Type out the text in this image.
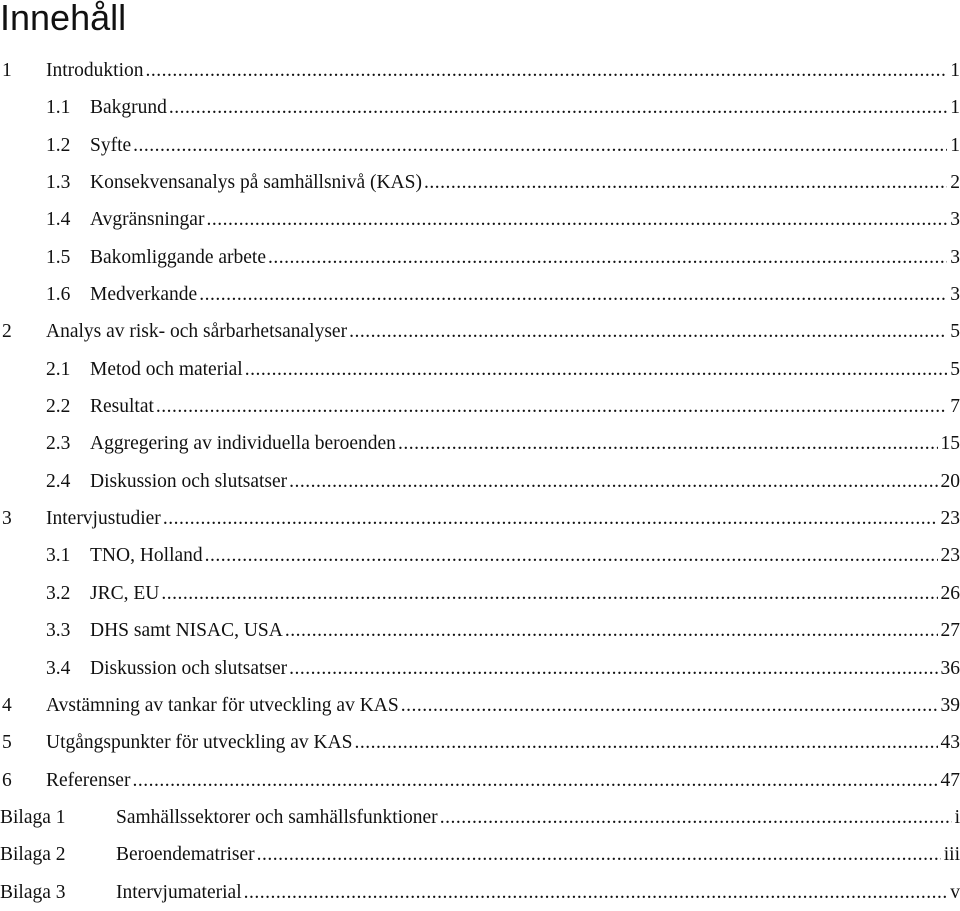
Innehåll
1 Introduktion .....	1
1.1 Bakgrund .....	1
1.2 Syfte .....	1
1.3 Konsekvensanalys på samhällsnivå (KAS) .....	2
1.4 Avgränsningar .....	3
1.5 Bakomliggande arbete .....	3
1.6 Medverkande .....	3
2 Analys av risk- och sårbarhetsanalyser .....	5
2.1 Metod och material .....	5
2.2 Resultat .....	7
2.3 Aggregering av individuella beroenden .....	15
2.4 Diskussion och slutsatser .....	20
3 Intervjustudier .....	23
3.1 TNO, Holland .....	23
3.2 JRC, EU .....	26
3.3 DHS samt NISAC, USA .....	27
3.4 Diskussion och slutsatser .....	36
4 Avstämning av tankar för utveckling av KAS .....	39
5 Utgångspunkter för utveckling av KAS .....	43
6 Referenser .....	47
Bilaga 1	Samhällssektorer och samhällsfunktioner .....	i
Bilaga 2	Beroendematriser .....	iii
Bilaga 3	Intervjumaterial .....	v
